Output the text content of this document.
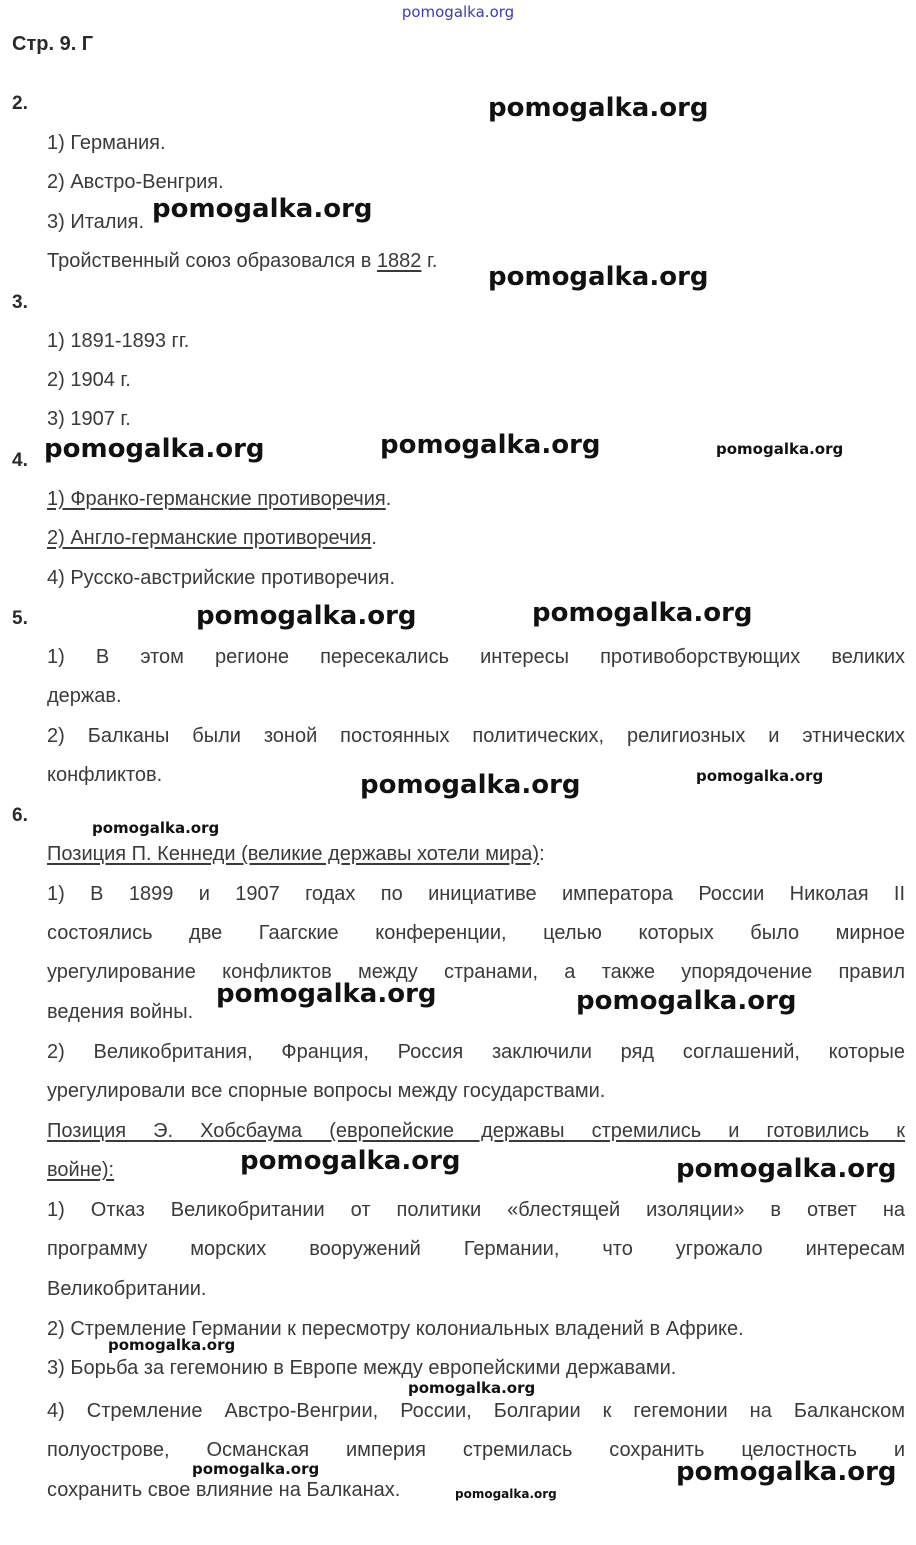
pomogalka.org
Стр. 9. Г
2.
1) Германия.
2) Австро-Венгрия.
3) Италия.
Тройственный союз образовался в 1882 г.
3.
1) 1891-1893 гг.
2) 1904 г.
3) 1907 г.
4.
1) Франко-германские противоречия.
2) Англо-германские противоречия.
4) Русско-австрийские противоречия.
5.
1) В этом регионе пересекались интересы противоборствующих великих
держав.
2) Балканы были зоной постоянных политических, религиозных и этнических
конфликтов.
6.
Позиция П. Кеннеди (великие державы хотели мира):
1) В 1899 и 1907 годах по инициативе императора России Николая II
состоялись две Гаагские конференции, целью которых было мирное
урегулирование конфликтов между странами, а также упорядочение правил
ведения войны.
2) Великобритания, Франция, Россия заключили ряд соглашений, которые
урегулировали все спорные вопросы между государствами.
Позиция Э. Хобсбаума (европейские державы стремились и готовились к
войне):
1) Отказ Великобритании от политики «блестящей изоляции» в ответ на
программу морских вооружений Германии, что угрожало интересам
Великобритании.
2) Стремление Германии к пересмотру колониальных владений в Африке.
3) Борьба за гегемонию в Европе между европейскими державами.
4) Стремление Австро-Венгрии, России, Болгарии к гегемонии на Балканском
полуострове, Османская империя стремилась сохранить целостность и
сохранить свое влияние на Балканах.
pomogalka.org
pomogalka.org
pomogalka.org
pomogalka.org	pomogalka.org	pomogalka.org
pomogalka.org	pomogalka.org
pomogalka.org	pomogalka.org
pomogalka.org
pomogalka.org	pomogalka.org
pomogalka.org	pomogalka.org
pomogalka.org
pomogalka.org
pomogalka.org	pomogalka.org
pomogalka.org
